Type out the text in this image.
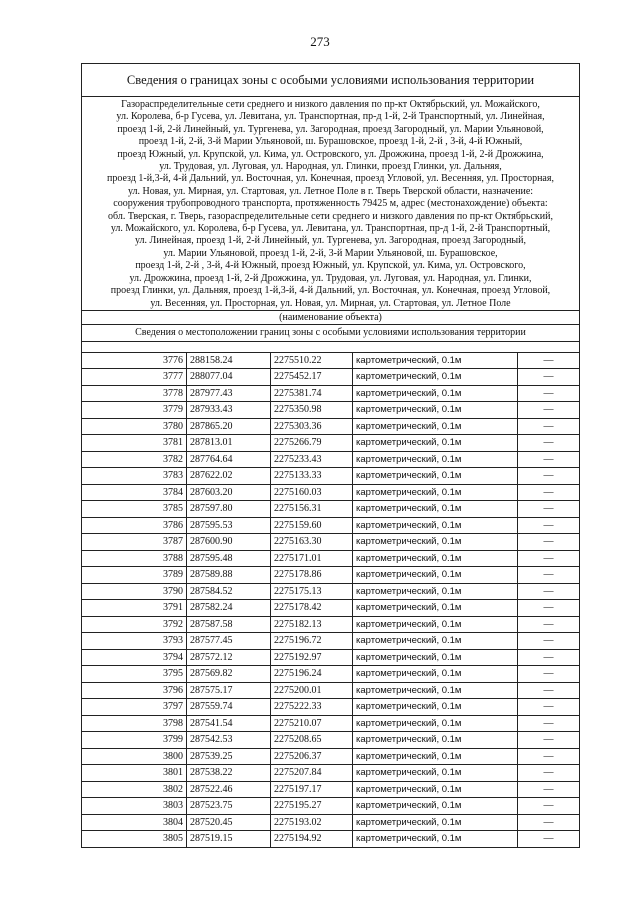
273
Сведения о границах зоны с особыми условиями использования территории
Газораспределительные сети среднего и низкого давления по пр-кт Октябрьский, ул. Можайского,
ул. Королева, б-р Гусева, ул. Левитана, ул. Транспортная, пр-д 1-й, 2-й Транспортный, ул. Линейная,
проезд 1-й, 2-й Линейный, ул. Тургенева, ул. Загородная, проезд Загородный, ул. Марии Ульяновой,
проезд 1-й, 2-й, 3-й Марии Ульяновой, ш. Бурашовское, проезд 1-й, 2-й , 3-й, 4-й Южный,
проезд Южный, ул. Крупской, ул. Кима, ул. Островского, ул. Дрожжина, проезд 1-й, 2-й Дрожжина,
ул. Трудовая, ул. Луговая, ул. Народная, ул. Глинки, проезд Глинки, ул. Дальняя,
проезд 1-й,3-й, 4-й Дальний, ул. Восточная, ул. Конечная, проезд Угловой, ул. Весенняя, ул. Просторная,
ул. Новая, ул. Мирная, ул. Стартовая, ул. Летное Поле в г. Тверь Тверской области, назначение:
сооружения трубопроводного транспорта, протяженность 79425 м, адрес (местонахождение) объекта:
обл. Тверская, г. Тверь, газораспределительные сети среднего и низкого давления по пр-кт Октябрьский,
ул. Можайского, ул. Королева, б-р Гусева, ул. Левитана, ул. Транспортная, пр-д 1-й, 2-й Транспортный,
ул. Линейная, проезд 1-й, 2-й Линейный, ул. Тургенева, ул. Загородная, проезд Загородный,
ул. Марии Ульяновой, проезд 1-й, 2-й, 3-й Марии Ульяновой, ш. Бурашовское,
проезд 1-й, 2-й , 3-й, 4-й Южный, проезд Южный, ул. Крупской, ул. Кима, ул. Островского,
ул. Дрожжина, проезд 1-й, 2-й Дрожжина, ул. Трудовая, ул. Луговая, ул. Народная, ул. Глинки,
проезд Глинки, ул. Дальняя, проезд 1-й,3-й, 4-й Дальний, ул. Восточная, ул. Конечная, проезд Угловой,
ул. Весенняя, ул. Просторная, ул. Новая, ул. Мирная, ул. Стартовая, ул. Летное Поле
(наименование объекта)
Сведения о местоположении границ зоны с особыми условиями использования территории
3776	288158.24	2275510.22	картометрический, 0.1м	—
3777	288077.04	2275452.17	картометрический, 0.1м	—
3778	287977.43	2275381.74	картометрический, 0.1м	—
3779	287933.43	2275350.98	картометрический, 0.1м	—
3780	287865.20	2275303.36	картометрический, 0.1м	—
3781	287813.01	2275266.79	картометрический, 0.1м	—
3782	287764.64	2275233.43	картометрический, 0.1м	—
3783	287622.02	2275133.33	картометрический, 0.1м	—
3784	287603.20	2275160.03	картометрический, 0.1м	—
3785	287597.80	2275156.31	картометрический, 0.1м	—
3786	287595.53	2275159.60	картометрический, 0.1м	—
3787	287600.90	2275163.30	картометрический, 0.1м	—
3788	287595.48	2275171.01	картометрический, 0.1м	—
3789	287589.88	2275178.86	картометрический, 0.1м	—
3790	287584.52	2275175.13	картометрический, 0.1м	—
3791	287582.24	2275178.42	картометрический, 0.1м	—
3792	287587.58	2275182.13	картометрический, 0.1м	—
3793	287577.45	2275196.72	картометрический, 0.1м	—
3794	287572.12	2275192.97	картометрический, 0.1м	—
3795	287569.82	2275196.24	картометрический, 0.1м	—
3796	287575.17	2275200.01	картометрический, 0.1м	—
3797	287559.74	2275222.33	картометрический, 0.1м	—
3798	287541.54	2275210.07	картометрический, 0.1м	—
3799	287542.53	2275208.65	картометрический, 0.1м	—
3800	287539.25	2275206.37	картометрический, 0.1м	—
3801	287538.22	2275207.84	картометрический, 0.1м	—
3802	287522.46	2275197.17	картометрический, 0.1м	—
3803	287523.75	2275195.27	картометрический, 0.1м	—
3804	287520.45	2275193.02	картометрический, 0.1м	—
3805	287519.15	2275194.92	картометрический, 0.1м	—
